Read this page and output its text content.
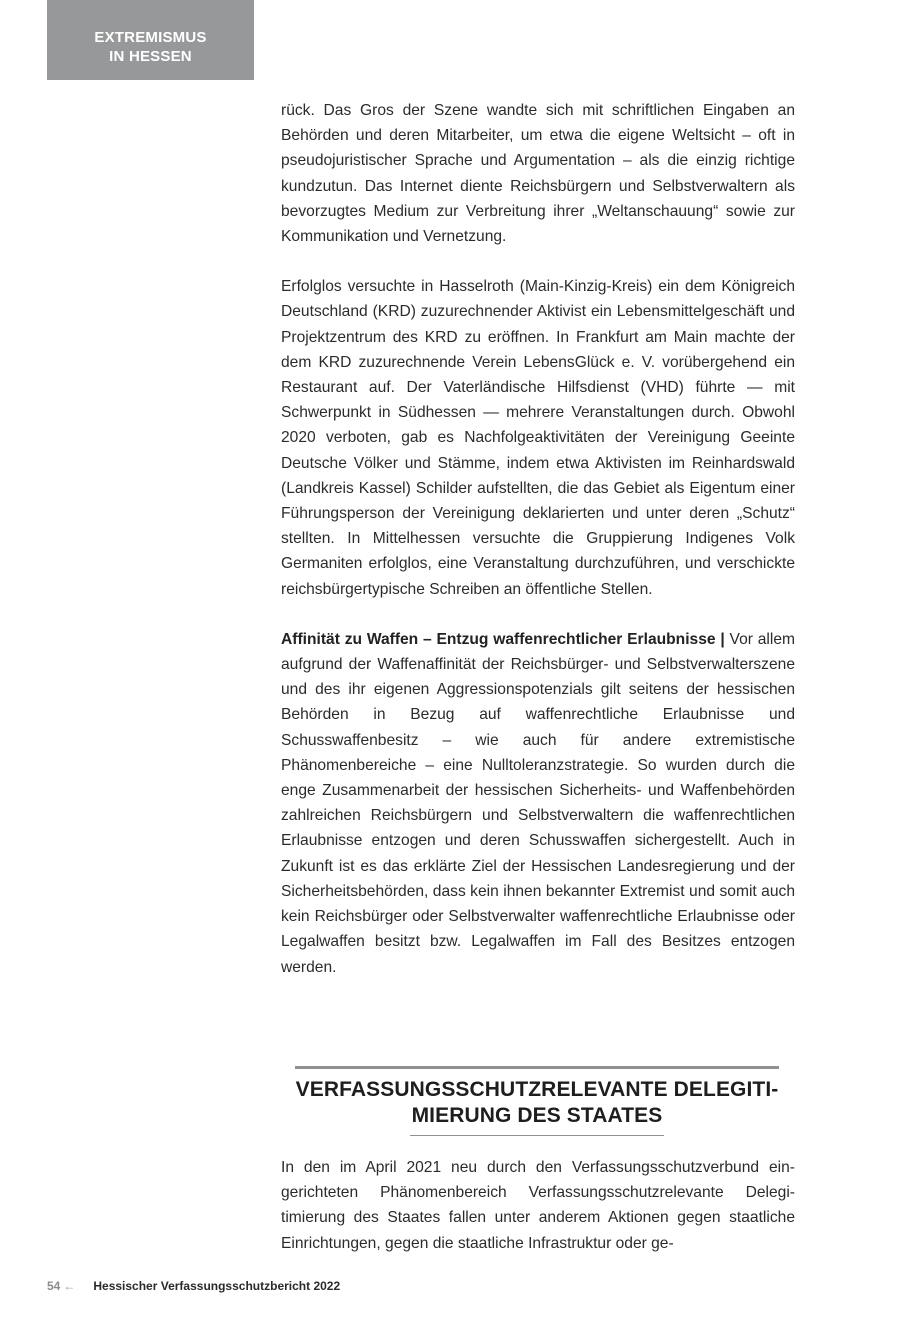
EXTREMISMUS
IN HESSEN

rück. Das Gros der Szene wandte sich mit schriftlichen Eingaben an Behörden und deren Mitarbeiter, um etwa die eigene Weltsicht – oft in pseudojuristischer Sprache und Argumentation – als die einzig richtige kundzutun. Das Internet diente Reichsbürgern und Selbstverwaltern als bevorzugtes Medium zur Verbreitung ihrer „Weltanschauung“ sowie zur Kommunikation und Vernetzung.

Erfolglos versuchte in Hasselroth (Main-Kinzig-Kreis) ein dem Königreich Deutschland (KRD) zuzurechnender Aktivist ein Lebensmittelgeschäft und Projektzentrum des KRD zu eröffnen. In Frankfurt am Main machte der dem KRD zuzurechnende Verein LebensGlück e. V. vorübergehend ein Restaurant auf. Der Vaterländische Hilfsdienst (VHD) führte — mit Schwerpunkt in Südhessen — mehrere Veranstaltungen durch. Obwohl 2020 verboten, gab es Nachfolgeaktivitäten der Vereinigung Geeinte Deutsche Völker und Stämme, indem etwa Aktivisten im Reinhardswald (Landkreis Kassel) Schilder aufstellten, die das Gebiet als Eigentum einer Führungsperson der Vereinigung deklarierten und unter deren „Schutz“ stellten. In Mittelhessen versuchte die Gruppierung Indigenes Volk Germaniten erfolglos, eine Veranstaltung durchzuführen, und verschickte reichsbürgertypische Schreiben an öffentliche Stellen.

Affinität zu Waffen – Entzug waffenrechtlicher Erlaubnisse | Vor allem aufgrund der Waffenaffinität der Reichsbürger- und Selbstverwalterszene und des ihr eigenen Aggressionspotenzials gilt seitens der hessischen Behörden in Bezug auf waffenrechtliche Erlaubnisse und Schusswaffenbesitz – wie auch für andere extremistische Phänomenbereiche – eine Nulltoleranzstrategie. So wurden durch die enge Zusammenarbeit der hessischen Sicherheits- und Waffenbehörden zahlreichen Reichsbürgern und Selbstverwaltern die waffenrechtlichen Erlaubnisse entzogen und deren Schusswaffen sichergestellt. Auch in Zukunft ist es das erklärte Ziel der Hessischen Landesregierung und der Sicherheitsbehörden, dass kein ihnen bekannter Extremist und somit auch kein Reichsbürger oder Selbstverwalter waffenrechtliche Erlaubnisse oder Legalwaffen besitzt bzw. Legalwaffen im Fall des Besitzes entzogen werden.

VERFASSUNGSSCHUTZRELEVANTE DELEGITI-
MIERUNG DES STAATES

In den im April 2021 neu durch den Verfassungsschutzverbund eingerichteten Phänomenbereich Verfassungsschutzrelevante Delegitimierung des Staates fallen unter anderem Aktionen gegen staatliche Einrichtungen, gegen die staatliche Infrastruktur oder ge-

54 ← Hessischer Verfassungsschutzbericht 2022
